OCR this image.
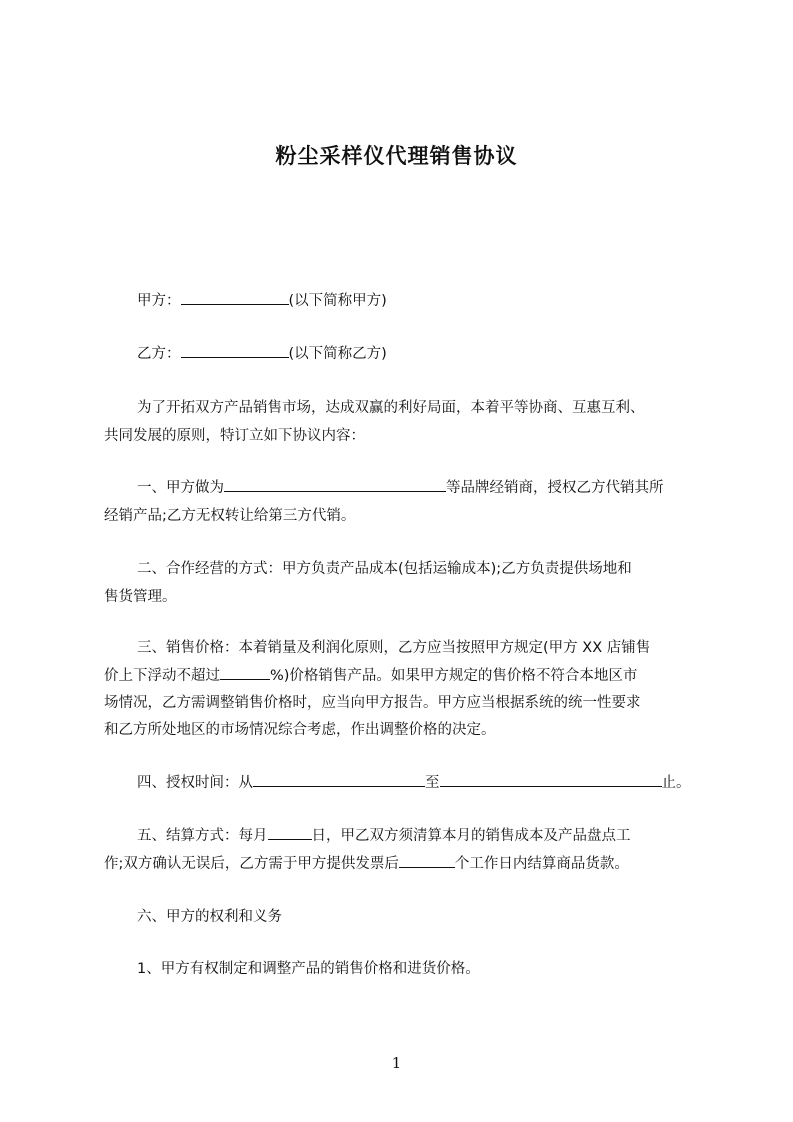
粉尘采样仪代理销售协议

甲方：	(以下简称甲方)

乙方：	(以下简称乙方)

为了开拓双方产品销售市场，达成双赢的利好局面，本着平等协商、互惠互利、

共同发展的原则，特订立如下协议内容：

一、甲方做为	等品牌经销商，授权乙方代销其所

经销产品;乙方无权转让给第三方代销。

二、合作经营的方式：甲方负责产品成本(包括运输成本);乙方负责提供场地和

售货管理。

三、销售价格：本着销量及利润化原则，乙方应当按照甲方规定(甲方 XX 店铺售

价上下浮动不超过	%)价格销售产品。如果甲方规定的售价格不符合本地区市

场情况，乙方需调整销售价格时，应当向甲方报告。甲方应当根据系统的统一性要求

和乙方所处地区的市场情况综合考虑，作出调整价格的决定。

四、授权时间：从	至	止。

五、结算方式：每月	日，甲乙双方须清算本月的销售成本及产品盘点工

作;双方确认无误后，乙方需于甲方提供发票后	个工作日内结算商品货款。

六、甲方的权利和义务

1、甲方有权制定和调整产品的销售价格和进货价格。

1
